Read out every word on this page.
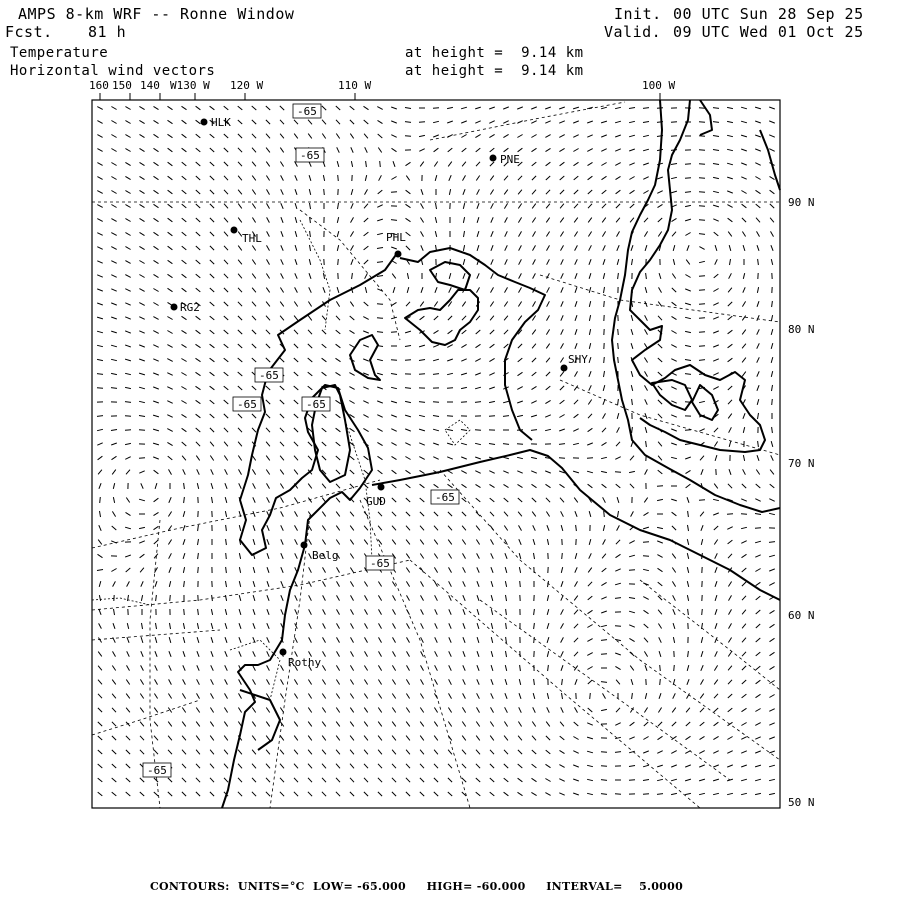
AMPS 8-km WRF -- Ronne Window
Fcst. 81 h
Init. 00 UTC Sun 28 Sep 25
Valid. 09 UTC Wed 01 Oct 25
Temperature
Horizontal wind vectors
at height =  9.14 km
at height =  9.14 km
160 150 140 W130 W 120 W	110 W	100 W
90 N
80 N
70 N
60 N
50 N
HLK
PNE
THL	PHL
RG2
SHY
GUD
Belg
Rothy
-65
-65
-65
-65	-65
-65
-65
-65
CONTOURS: UNITS=°C LOW= -65.000 HIGH= -60.000 INTERVAL= 5.0000
